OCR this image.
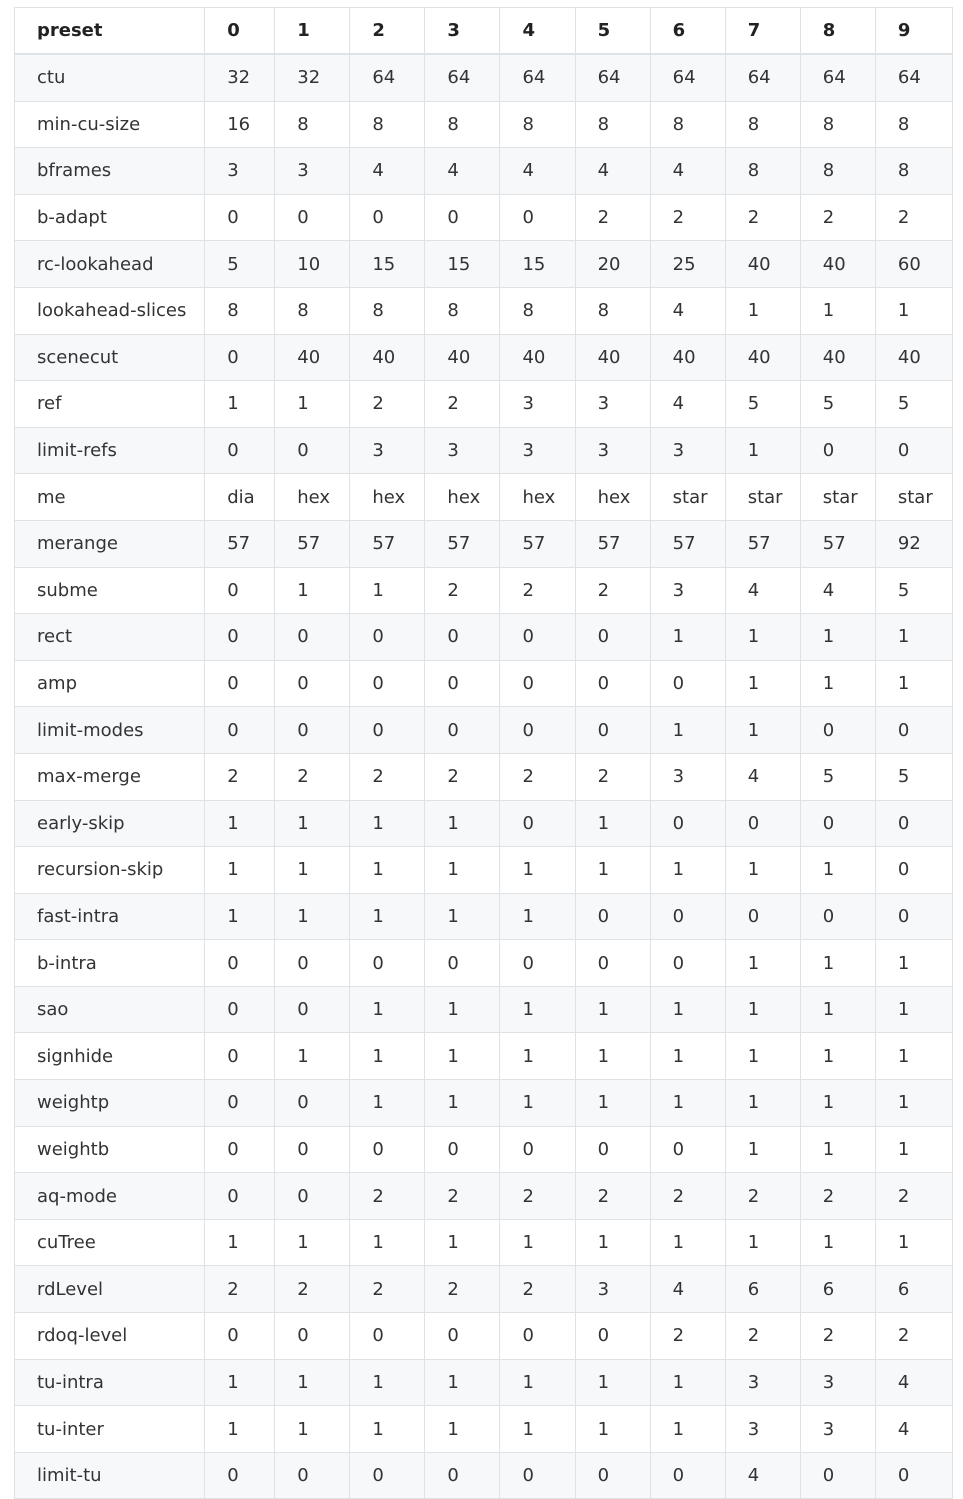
preset	0	1	2	3	4	5	6	7	8	9
ctu	32	32	64	64	64	64	64	64	64	64
min-cu-size	16	8	8	8	8	8	8	8	8	8
bframes	3	3	4	4	4	4	4	8	8	8
b-adapt	0	0	0	0	0	2	2	2	2	2
rc-lookahead	5	10	15	15	15	20	25	40	40	60
lookahead-slices	8	8	8	8	8	8	4	1	1	1
scenecut	0	40	40	40	40	40	40	40	40	40
ref	1	1	2	2	3	3	4	5	5	5
limit-refs	0	0	3	3	3	3	3	1	0	0
me	dia	hex	hex	hex	hex	hex	star	star	star	star
merange	57	57	57	57	57	57	57	57	57	92
subme	0	1	1	2	2	2	3	4	4	5
rect	0	0	0	0	0	0	1	1	1	1
amp	0	0	0	0	0	0	0	1	1	1
limit-modes	0	0	0	0	0	0	1	1	0	0
max-merge	2	2	2	2	2	2	3	4	5	5
early-skip	1	1	1	1	0	1	0	0	0	0
recursion-skip	1	1	1	1	1	1	1	1	1	0
fast-intra	1	1	1	1	1	0	0	0	0	0
b-intra	0	0	0	0	0	0	0	1	1	1
sao	0	0	1	1	1	1	1	1	1	1
signhide	0	1	1	1	1	1	1	1	1	1
weightp	0	0	1	1	1	1	1	1	1	1
weightb	0	0	0	0	0	0	0	1	1	1
aq-mode	0	0	2	2	2	2	2	2	2	2
cuTree	1	1	1	1	1	1	1	1	1	1
rdLevel	2	2	2	2	2	3	4	6	6	6
rdoq-level	0	0	0	0	0	0	2	2	2	2
tu-intra	1	1	1	1	1	1	1	3	3	4
tu-inter	1	1	1	1	1	1	1	3	3	4
limit-tu	0	0	0	0	0	0	0	4	0	0
